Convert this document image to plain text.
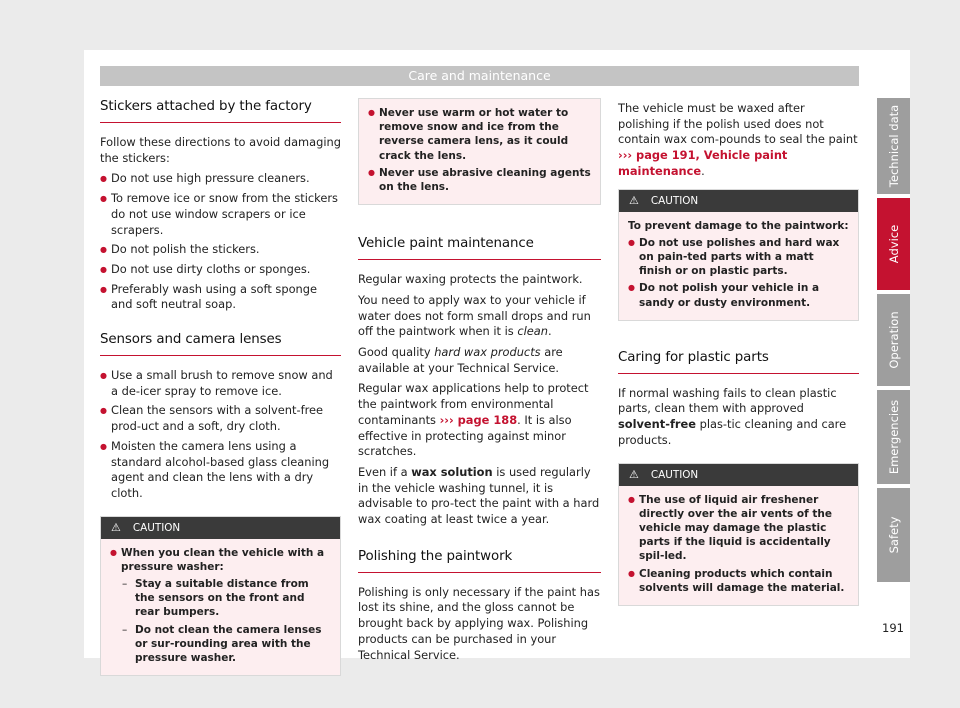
Care and maintenance
Stickers attached by the factory

Follow these directions to avoid damaging the stickers:

● Do not use high pressure cleaners.
● To remove ice or snow from the stickers do not use window scrapers or ice scrapers.
● Do not polish the stickers.
● Do not use dirty cloths or sponges.
● Preferably wash using a soft sponge and soft neutral soap.
Sensors and camera lenses
● Use a small brush to remove snow and a de-icer spray to remove ice.
● Clean the sensors with a solvent-free prod-uct and a soft, dry cloth.
● Moisten the camera lens using a standard alcohol-based glass cleaning agent and clean the lens with a dry cloth.
⚠ CAUTION
● When you clean the vehicle with a pressure washer:
– Stay a suitable distance from the sensors on the front and rear bumpers.
– Do not clean the camera lenses or sur-rounding area with the pressure washer.
● Never use warm or hot water to remove snow and ice from the reverse camera lens, as it could crack the lens.
● Never use abrasive cleaning agents on the lens.
Vehicle paint maintenance

Regular waxing protects the paintwork.

You need to apply wax to your vehicle if water does not form small drops and run off the paintwork when it is clean.

Good quality hard wax products are available at your Technical Service.

Regular wax applications help to protect the paintwork from environmental contaminants ››› page 188. It is also effective in protecting against minor scratches.

Even if a wax solution is used regularly in the vehicle washing tunnel, it is advisable to pro-tect the paint with a hard wax coating at least twice a year.

Polishing the paintwork

Polishing is only necessary if the paint has lost its shine, and the gloss cannot be brought back by applying wax. Polishing products can be purchased in your Technical Service.

The vehicle must be waxed after polishing if the polish used does not contain wax com-pounds to seal the paint ››› page 191, Vehicle paint maintenance.

⚠ CAUTION

To prevent damage to the paintwork:

● Do not use polishes and hard wax on pain-ted parts with a matt finish or on plastic parts.
● Do not polish your vehicle in a sandy or dusty environment.
Caring for plastic parts

If normal washing fails to clean plastic parts, clean them with approved solvent-free plas-tic cleaning and care products.

⚠ CAUTION
● The use of liquid air freshener directly over the air vents of the vehicle may damage the plastic parts if the liquid is accidentally spil-led.
● Cleaning products which contain solvents will damage the material.
Technical data
Advice
Operation
Emergencies
Safety
191
